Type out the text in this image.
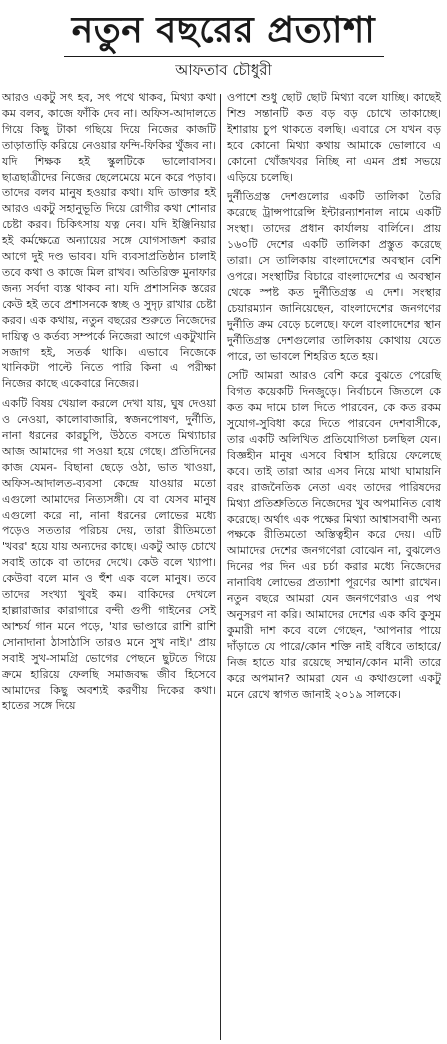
নতুন বছরের প্রত্যাশা
আফতাব চৌধুরী

আরও একটু সৎ হব, সৎ পথে থাকব, মিথ্যা কথা কম বলব, কাজে ফাঁকি দেব না। অফিস-আদালতে গিয়ে কিছু টাকা গছিয়ে দিয়ে নিজের কাজটি তাড়াতাড়ি করিয়ে নেওয়ার ফন্দি-ফিকির খুঁজব না। যদি শিক্ষক হই স্কুলটিকে ভালোবাসব। ছাত্রছাত্রীদের নিজের ছেলেমেয়ে মনে করে পড়াব। তাদের বলব মানুষ হওয়ার কথা। যদি ডাক্তার হই আরও একটু সহানুভূতি দিয়ে রোগীর কথা শোনার চেষ্টা করব। চিকিৎসায় যত্ন নেব। যদি ইঞ্জিনিয়ার হই কর্মক্ষেত্রে অন্যায়ের সঙ্গে যোগসাজশ করার আগে দুই দণ্ড ভাবব। যদি ব্যবসাপ্রতিষ্ঠান চালাই তবে কথা ও কাজে মিল রাখব। অতিরিক্ত মুনাফার জন্য সর্বদা ব্যস্ত থাকব না। যদি প্রশাসনিক স্তরের কেউ হই তবে প্রশাসনকে স্বচ্ছ ও সুদৃঢ় রাখার চেষ্টা করব। এক কথায়, নতুন বছরের শুরুতে নিজেদের দায়িত্ব ও কর্তব্য সম্পর্কে নিজেরা আগে একটুখানি সজাগ হই, সতর্ক থাকি। এভাবে নিজেকে খানিকটা পাল্টে নিতে পারি কিনা এ পরীক্ষা নিজের কাছে একেবারে নিজের।

একটি বিষয় খেয়াল করলে দেখা যায়, ঘুষ দেওয়া ও নেওয়া, কালোবাজারি, স্বজনপোষণ, দুর্নীতি, নানা ধরনের কারচুপি, উঠতে বসতে মিথ্যাচার আজ আমাদের গা সওয়া হয়ে গেছে। প্রতিদিনের কাজ যেমন- বিছানা ছেড়ে ওঠা, ভাত খাওয়া, অফিস-আদালত-ব্যবসা কেন্দ্রে যাওয়ার মতো এগুলো আমাদের নিত্যসঙ্গী। যে বা যেসব মানুষ এগুলো করে না, নানা ধরনের লোভের মধ্যে পড়েও সততার পরিচয় দেয়, তারা রীতিমতো 'খবর' হয়ে যায় অন্যদের কাছে। একটু আড় চোখে সবাই তাকে বা তাদের দেখে। কেউ বলে খ্যাপা। কেউবা বলে মান ও হুঁশ এক বলে মানুষ। তবে তাদের সংখ্যা খুবই কম। বাকিদের দেখলে হাল্লারাজার কারাগারে বন্দী গুপী গাইনের সেই আশ্চর্য গান মনে পড়ে, 'যার ভাণ্ডারে রাশি রাশি সোনাদানা ঠাসাঠাসি তারও মনে সুখ নাই।' প্রায় সবাই সুখ-সামগ্রি ভোগের পেছনে ছুটতে গিয়ে ক্রমে হারিয়ে ফেলছি সমাজবদ্ধ জীব হিসেবে আমাদের কিছু অবশ্যই করণীয় দিকের কথা। হাতের সঙ্গে দিয়ে

ওপাশে শুধু ছোট ছোট মিথ্যা বলে যাচ্ছি। কাছেই শিশু সন্তানটি কত বড় বড় চোখে তাকাচ্ছে। ইশারায় চুপ থাকতে বলছি। এবারে সে যখন বড় হবে কোনো মিথ্যা কথায় আমাকে ভোলাবে এ কোনো খোঁজখবর নিচ্ছি না এমন প্রশ্ন সভয়ে এড়িয়ে চলেছি।

দুর্নীতিগ্রস্ত দেশগুলোর একটি তালিকা তৈরি করেছে ট্রান্সপারেন্সি ইন্টারন্যাশনাল নামে একটি সংস্থা। তাদের প্রধান কার্যালয় বার্লিনে। প্রায় ১৬০টি দেশের একটি তালিকা প্রস্তুত করেছে তারা। সে তালিকায় বাংলাদেশের অবস্থান বেশি ওপরে। সংস্থাটির বিচারে বাংলাদেশের এ অবস্থান থেকে স্পষ্ট কত দুর্নীতিগ্রস্ত এ দেশ। সংস্থার চেয়ারম্যান জানিয়েছেন, বাংলাদেশের জনগণের দুর্নীতি ক্রম বেড়ে চলেছে। ফলে বাংলাদেশের স্থান দুর্নীতিগ্রস্ত দেশগুলোর তালিকায় কোথায় যেতে পারে, তা ভাবলে শিহরিত হতে হয়।

সেটি আমরা আরও বেশি করে বুঝতে পেরেছি বিগত কয়েকটি দিনজুড়ে। নির্বাচনে জিতলে কে কত কম দামে চাল দিতে পারবেন, কে কত রকম সুযোগ-সুবিধা করে দিতে পারবেন দেশবাসীকে, তার একটি অলিখিত প্রতিযোগিতা চলছিল যেন। বিজ্ঞহীন মানুষ এসবে বিশ্বাস হারিয়ে ফেলেছে কবে। তাই তারা আর এসব নিয়ে মাথা ঘামায়নি বরং রাজনৈতিক নেতা এবং তাদের পারিষদের মিথ্যা প্রতিশ্রুতিতে নিজেদের খুব অপমানিত বোধ করেছে। অর্থাৎ এক পক্ষের মিথ্যা আশ্বাসবাণী অন্য পক্ষকে রীতিমতো অস্তিত্বহীন করে দেয়। এটি আমাদের দেশের জনগণেরা বোঝেন না, বুঝলেও দিনের পর দিন এর চর্চা করার মধ্যে নিজেদের নানাবিধ লোভের প্রত্যাশা পূরণের আশা রাখেন। নতুন বছরে আমরা যেন জনগণেরাও এর পথ অনুসরণ না করি। আমাদের দেশের এক কবি কুসুম কুমারী দাশ কবে বলে গেছেন, 'আপনার পায়ে দাঁড়াতে যে পারে/কোন শক্তি নাই বধিবে তাহারে/নিজ হাতে যার রয়েছে সম্মান/কোন মানী তারে করে অপমান? আমরা যেন এ কথাগুলো একটু মনে রেখে স্বাগত জানাই ২০১৯ সালকে।
